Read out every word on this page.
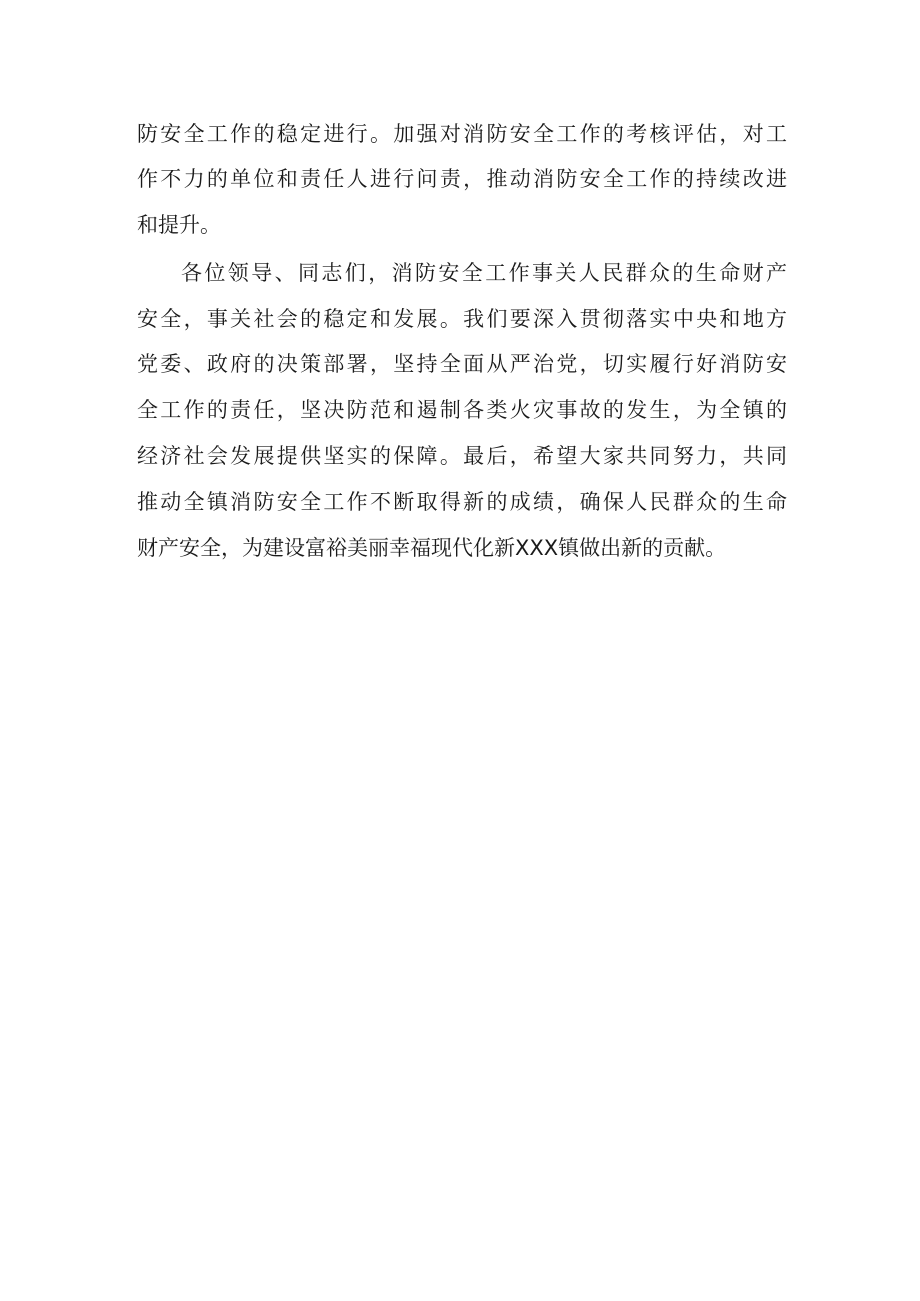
防安全工作的稳定进行。加强对消防安全工作的考核评估，对工
作不力的单位和责任人进行问责，推动消防安全工作的持续改进
和提升。
各位领导、同志们，消防安全工作事关人民群众的生命财产
安全，事关社会的稳定和发展。我们要深入贯彻落实中央和地方
党委、政府的决策部署，坚持全面从严治党，切实履行好消防安
全工作的责任，坚决防范和遏制各类火灾事故的发生，为全镇的
经济社会发展提供坚实的保障。最后，希望大家共同努力，共同
推动全镇消防安全工作不断取得新的成绩，确保人民群众的生命
财产安全，为建设富裕美丽幸福现代化新XXX镇做出新的贡献。
